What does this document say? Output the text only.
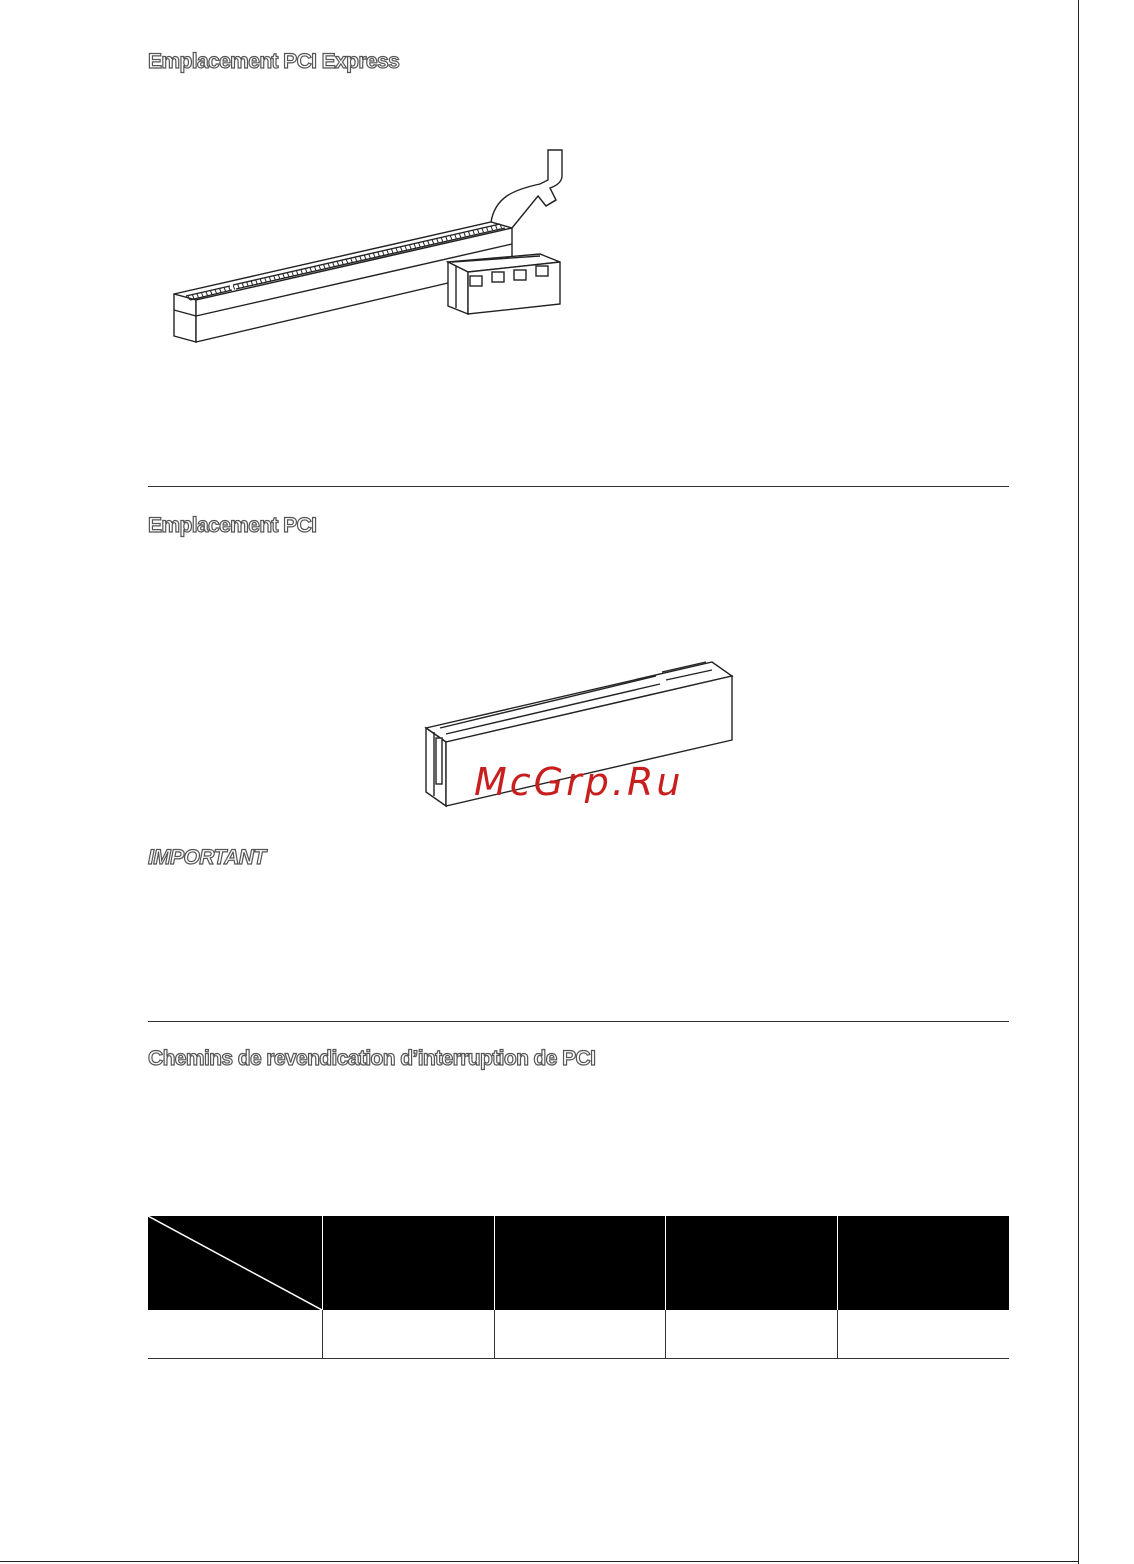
Emplacement PCI Express
Emplacement PCI

McGrp.Ru

IMPORTANT
Chemins de revendication d’interruption de PCI
